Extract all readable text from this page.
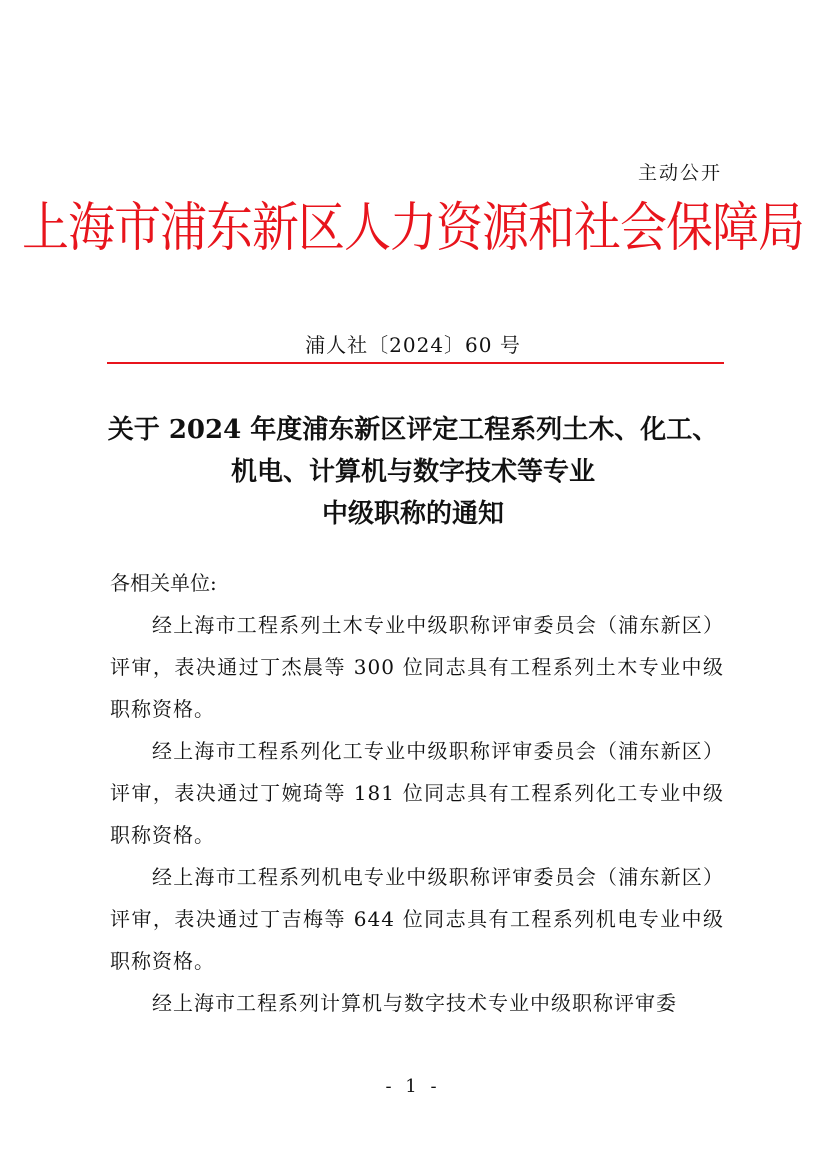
主动公开
上海市浦东新区人力资源和社会保障局
浦人社〔2024〕60 号
关于 2024 年度浦东新区评定工程系列土木、化工、
机电、计算机与数字技术等专业
中级职称的通知

各相关单位:

经上海市工程系列土木专业中级职称评审委员会（浦东新区）评审，表决通过丁杰晨等 300 位同志具有工程系列土木专业中级职称资格。

经上海市工程系列化工专业中级职称评审委员会（浦东新区）评审，表决通过丁婉琦等 181 位同志具有工程系列化工专业中级职称资格。

经上海市工程系列机电专业中级职称评审委员会（浦东新区）评审，表决通过丁吉梅等 644 位同志具有工程系列机电专业中级职称资格。

经上海市工程系列计算机与数字技术专业中级职称评审委

- 1 -
